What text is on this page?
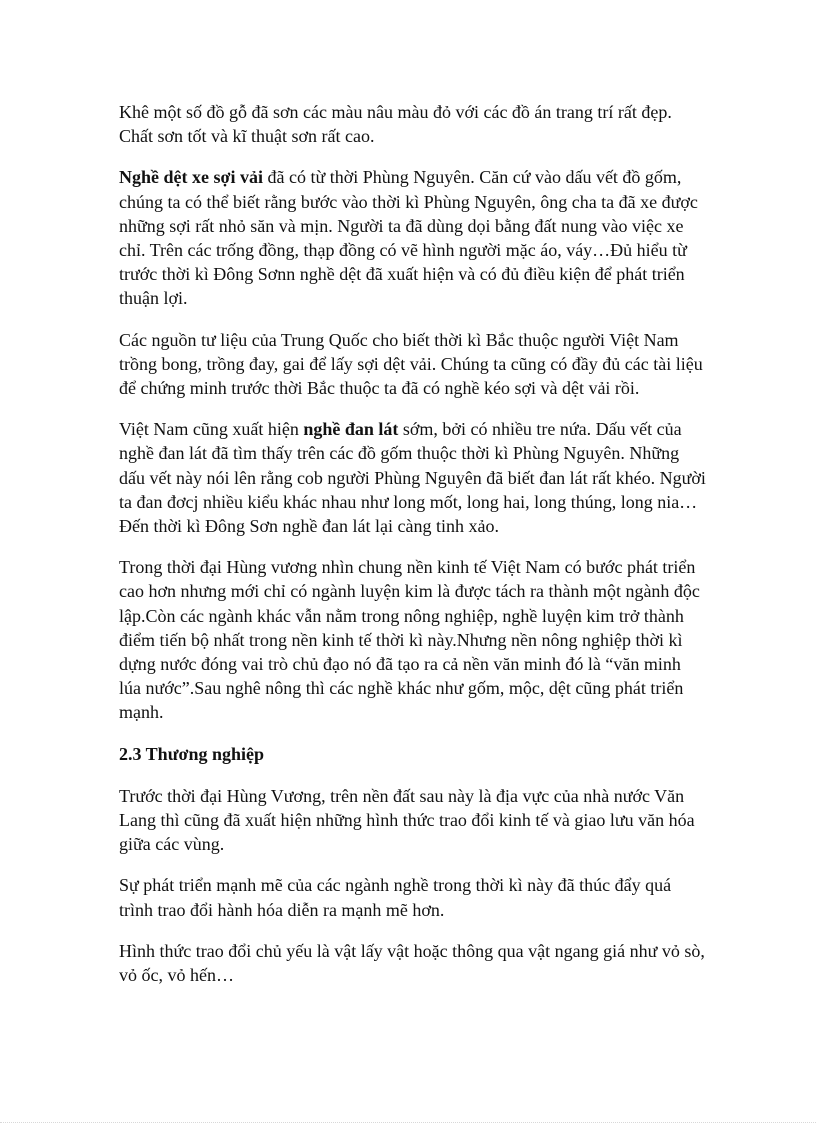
Khê một số đồ gỗ đã sơn các màu nâu màu đỏ với các đồ án trang trí rất đẹp. Chất sơn tốt và kĩ thuật sơn rất cao.

Nghề dệt xe sợi vải đã có từ thời Phùng Nguyên. Căn cứ vào dấu vết đồ gốm, chúng ta có thể biết rằng bước vào thời kì Phùng Nguyên, ông cha ta đã xe được những sợi rất nhỏ săn và mịn. Người ta đã dùng dọi bằng đất nung vào việc xe chỉ. Trên các trống đồng, thạp đồng có vẽ hình người mặc áo, váy…Đủ hiểu từ trước thời kì Đông Sơnn nghề dệt đã xuất hiện và có đủ điều kiện để phát triển thuận lợi.

Các nguồn tư liệu của Trung Quốc cho biết thời kì Bắc thuộc người Việt Nam trồng bong, trồng đay, gai để lấy sợi dệt vải. Chúng ta cũng có đầy đủ các tài liệu để chứng minh trước thời Bắc thuộc ta đã có nghề kéo sợi và dệt vải rồi.

Việt Nam cũng xuất hiện nghề đan lát sớm, bởi có nhiều tre nứa. Dấu vết của nghề đan lát đã tìm thấy trên các đồ gốm thuộc thời kì Phùng Nguyên. Những dấu vết này nói lên rằng cob người Phùng Nguyên đã biết đan lát rất khéo. Người ta đan đơcj nhiều kiểu khác nhau như long mốt, long hai, long thúng, long nia…Đến thời kì Đông Sơn nghề đan lát lại càng tinh xảo.

Trong thời đại Hùng vương nhìn chung nền kinh tế Việt Nam có bước phát triển cao hơn nhưng mới chỉ có ngành luyện kim là được tách ra thành một ngành độc lập.Còn các ngành khác vẫn nằm trong nông nghiệp, nghề luyện kim trở thành điểm tiến bộ nhất trong nền kinh tế thời kì này.Nhưng nền nông nghiệp thời kì dựng nước đóng vai trò chủ đạo nó đã tạo ra cả nền văn minh đó là “văn minh lúa nước”.Sau nghê nông thì các nghề khác như gốm, mộc, dệt cũng phát triển mạnh.

2.3 Thương nghiệp

Trước thời đại Hùng Vương, trên nền đất sau này là địa vực của nhà nước Văn Lang thì cũng đã xuất hiện những hình thức trao đổi kinh tế và giao lưu văn hóa giữa các vùng.

Sự phát triển mạnh mẽ của các ngành nghề trong thời kì này đã thúc đẩy quá trình trao đổi hành hóa diễn ra mạnh mẽ hơn.

Hình thức trao đổi chủ yếu là vật lấy vật hoặc thông qua vật ngang giá như vỏ sò, vỏ ốc, vỏ hến…
